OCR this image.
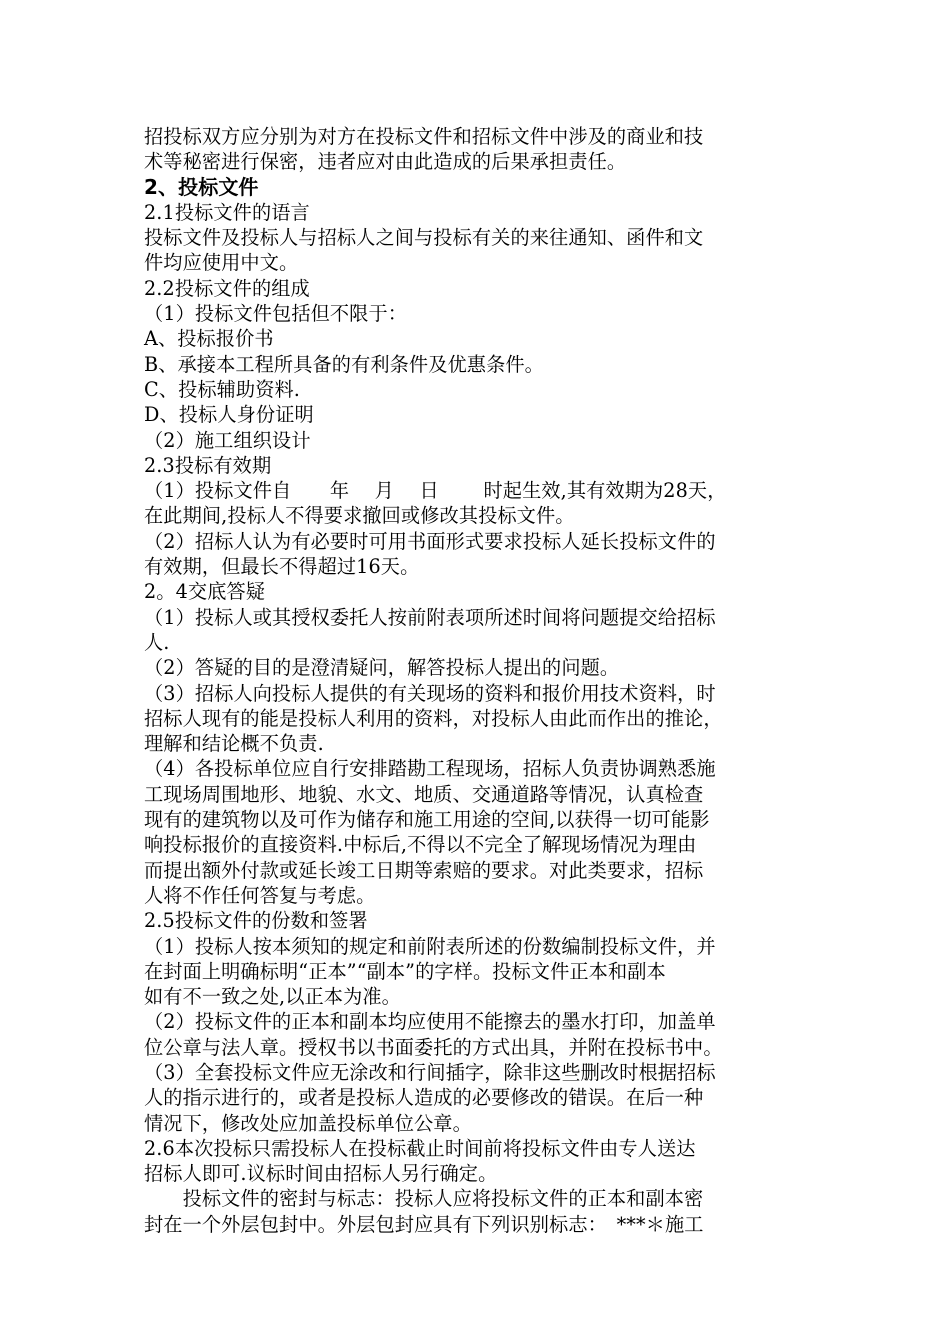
招投标双方应分别为对方在投标文件和招标文件中涉及的商业和技
术等秘密进行保密，违者应对由此造成的后果承担责任。
2、投标文件
2.1投标文件的语言
投标文件及投标人与招标人之间与投标有关的来往通知、函件和文
件均应使用中文。
2.2投标文件的组成
（1）投标文件包括但不限于：
A、投标报价书
B、承接本工程所具备的有利条件及优惠条件。
C、投标辅助资料.
D、投标人身份证明
（2）施工组织设计
2.3投标有效期
（1）投标文件自　　年　 月　 日　　 时起生效,其有效期为28天，
在此期间,投标人不得要求撤回或修改其投标文件。
（2）招标人认为有必要时可用书面形式要求投标人延长投标文件的
有效期，但最长不得超过16天。
2。4交底答疑
（1）投标人或其授权委托人按前附表项所述时间将问题提交给招标
人.
（2）答疑的目的是澄清疑问，解答投标人提出的问题。
（3）招标人向投标人提供的有关现场的资料和报价用技术资料，时
招标人现有的能是投标人利用的资料，对投标人由此而作出的推论，
理解和结论概不负责.
（4）各投标单位应自行安排踏勘工程现场，招标人负责协调熟悉施
工现场周围地形、地貌、水文、地质、交通道路等情况，认真检查
现有的建筑物以及可作为储存和施工用途的空间,以获得一切可能影
响投标报价的直接资料.中标后,不得以不完全了解现场情况为理由
而提出额外付款或延长竣工日期等索赔的要求。对此类要求，招标
人将不作任何答复与考虑。
2.5投标文件的份数和签署
（1）投标人按本须知的规定和前附表所述的份数编制投标文件，并
在封面上明确标明“正本”“副本”的字样。投标文件正本和副本
如有不一致之处,以正本为准。
（2）投标文件的正本和副本均应使用不能擦去的墨水打印，加盖单
位公章与法人章。授权书以书面委托的方式出具，并附在投标书中。
（3）全套投标文件应无涂改和行间插字，除非这些删改时根据招标
人的指示进行的，或者是投标人造成的必要修改的错误。在后一种
情况下，修改处应加盖投标单位公章。
2.6本次投标只需投标人在投标截止时间前将投标文件由专人送达
招标人即可.议标时间由招标人另行确定。
　　投标文件的密封与标志：投标人应将投标文件的正本和副本密
封在一个外层包封中。外层包封应具有下列识别标志：　***＊施工
